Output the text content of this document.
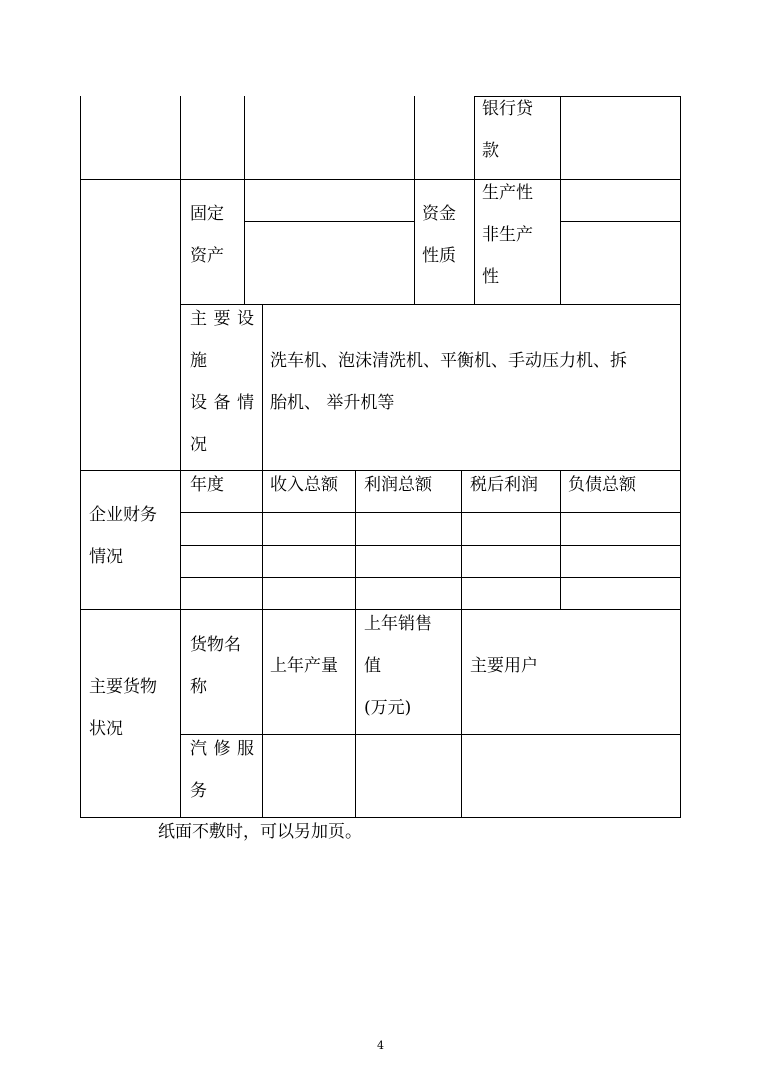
银行贷
款
固定
资产
资金
性质
生产性
非生产
性
主 要 设
施
设 备 情
况
洗车机、泡沫清洗机、平衡机、手动压力机、拆
胎机、 举升机等
企业财务
情况
年度	收入总额 利润总额 税后利润 负债总额
主要货物
状况
货物名
称
上年产量
上年销售
值
(万元)
主要用户
汽 修 服
务
纸面不敷时，可以另加页。
4
